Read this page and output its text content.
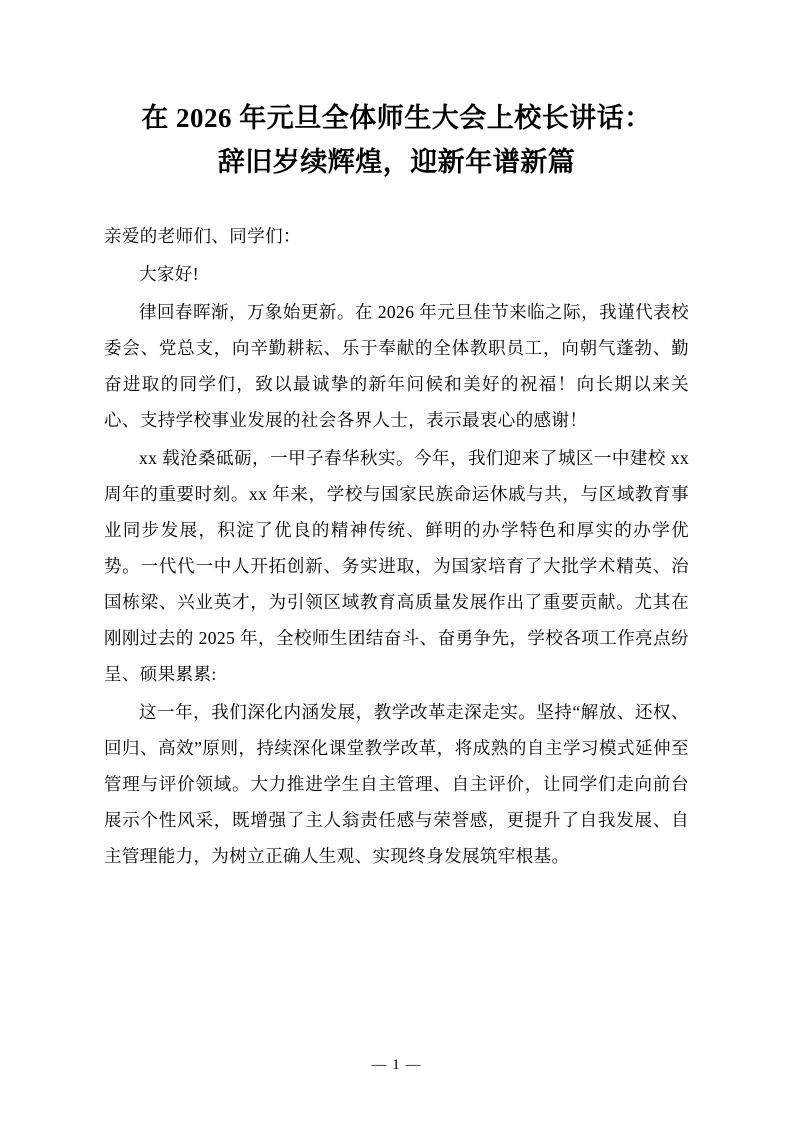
在 2026 年元旦全体师生大会上校长讲话：
辞旧岁续辉煌，迎新年谱新篇

亲爱的老师们、同学们：

大家好!

律回春晖渐，万象始更新。在 2026 年元旦佳节来临之际，我谨代表校委会、党总支，向辛勤耕耘、乐于奉献的全体教职员工，向朝气蓬勃、勤奋进取的同学们，致以最诚挚的新年问候和美好的祝福！向长期以来关心、支持学校事业发展的社会各界人士，表示最衷心的感谢！

xx 载沧桑砥砺，一甲子春华秋实。今年，我们迎来了城区一中建校 xx 周年的重要时刻。xx 年来，学校与国家民族命运休戚与共，与区域教育事业同步发展，积淀了优良的精神传统、鲜明的办学特色和厚实的办学优势。一代代一中人开拓创新、务实进取，为国家培育了大批学术精英、治国栋梁、兴业英才，为引领区域教育高质量发展作出了重要贡献。尤其在刚刚过去的 2025 年，全校师生团结奋斗、奋勇争先，学校各项工作亮点纷呈、硕果累累:

这一年，我们深化内涵发展，教学改革走深走实。坚持“解放、还权、回归、高效”原则，持续深化课堂教学改革，将成熟的自主学习模式延伸至管理与评价领域。大力推进学生自主管理、自主评价，让同学们走向前台展示个性风采，既增强了主人翁责任感与荣誉感，更提升了自我发展、自主管理能力，为树立正确人生观、实现终身发展筑牢根基。

— 1 —
